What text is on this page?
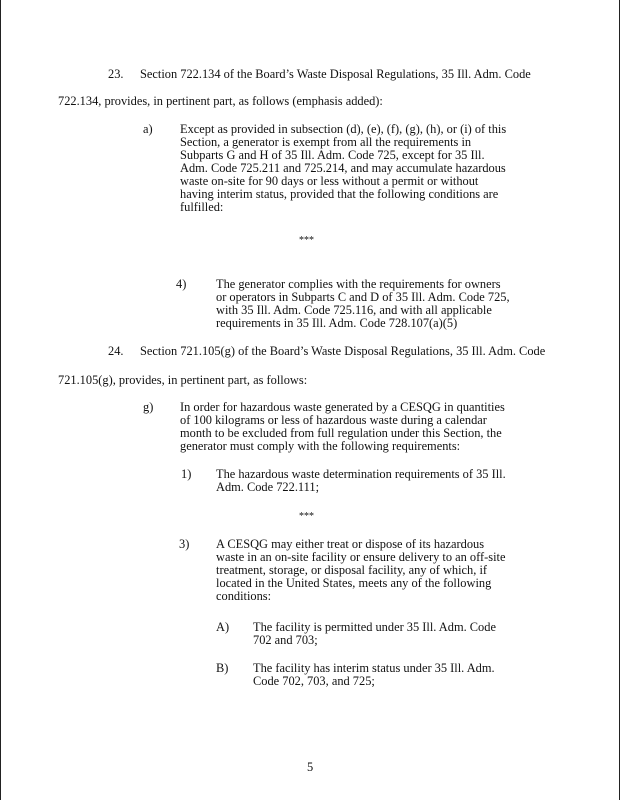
23. Section 722.134 of the Board’s Waste Disposal Regulations, 35 Ill. Adm. Code
722.134, provides, in pertinent part, as follows (emphasis added):
a) Except as provided in subsection (d), (e), (f), (g), (h), or (i) of this
Section, a generator is exempt from all the requirements in
Subparts G and H of 35 Ill. Adm. Code 725, except for 35 Ill.
Adm. Code 725.211 and 725.214, and may accumulate hazardous
waste on-site for 90 days or less without a permit or without
having interim status, provided that the following conditions are
fulfilled:
***
4) The generator complies with the requirements for owners
or operators in Subparts C and D of 35 Ill. Adm. Code 725,
with 35 Ill. Adm. Code 725.116, and with all applicable
requirements in 35 Ill. Adm. Code 728.107(a)(5)
24. Section 721.105(g) of the Board’s Waste Disposal Regulations, 35 Ill. Adm. Code
721.105(g), provides, in pertinent part, as follows:
g) In order for hazardous waste generated by a CESQG in quantities
of 100 kilograms or less of hazardous waste during a calendar
month to be excluded from full regulation under this Section, the
generator must comply with the following requirements:
1) The hazardous waste determination requirements of 35 Ill.
Adm. Code 722.111;
***
3) A CESQG may either treat or dispose of its hazardous
waste in an on-site facility or ensure delivery to an off-site
treatment, storage, or disposal facility, any of which, if
located in the United States, meets any of the following
conditions:
A) The facility is permitted under 35 Ill. Adm. Code
702 and 703;
B) The facility has interim status under 35 Ill. Adm.
Code 702, 703, and 725;
5
